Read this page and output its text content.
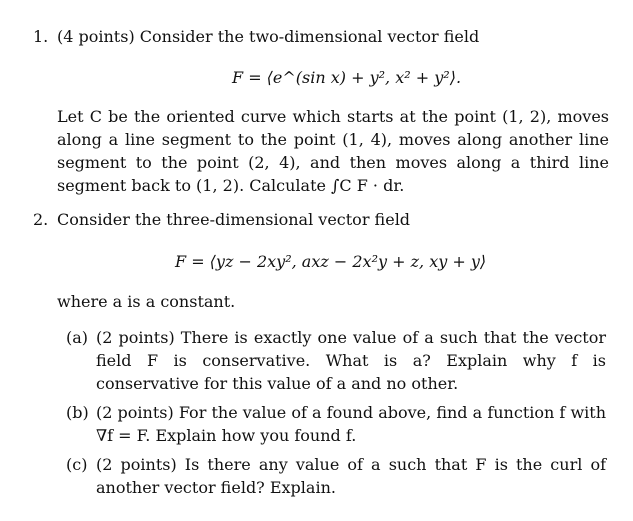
1. (4 points) Consider the two-dimensional vector field
F = ⟨e^(sin x) + y², x² + y²⟩.
Let C be the oriented curve which starts at the point (1, 2), moves along a line segment to the point (1, 4), moves along another line segment to the point (2, 4), and then moves along a third line segment back to (1, 2). Calculate ∫C F · dr.
2. Consider the three-dimensional vector field
F = ⟨yz − 2xy², axz − 2x²y + z, xy + y⟩
where a is a constant.
(a) (2 points) There is exactly one value of a such that the vector field F is conservative. What is a? Explain why f is conservative for this value of a and no other.
(b) (2 points) For the value of a found above, find a function f with ∇f = F. Explain how you found f.
(c) (2 points) Is there any value of a such that F is the curl of another vector field? Explain.
